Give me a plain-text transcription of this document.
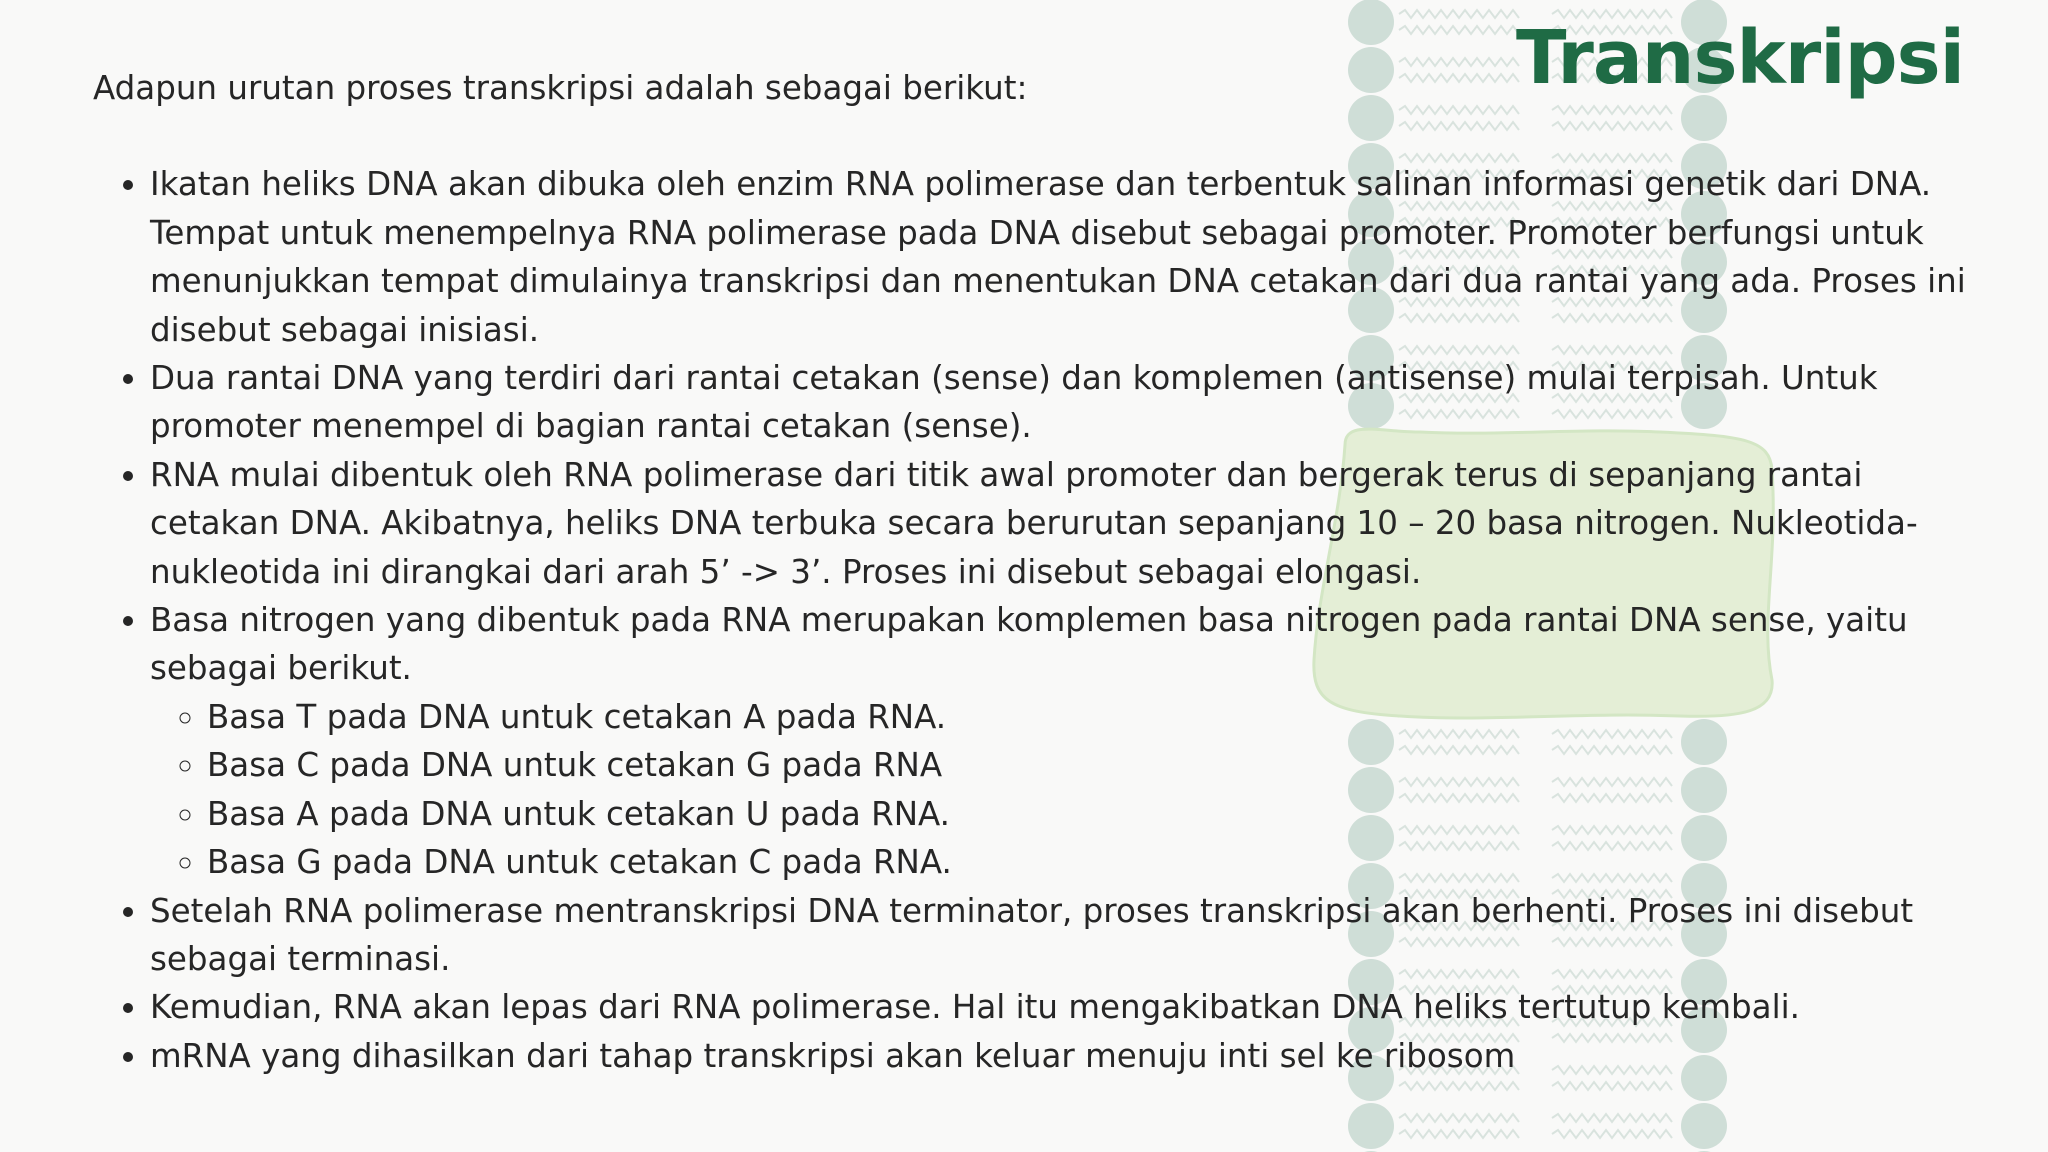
Transkripsi

Adapun urutan proses transkripsi adalah sebagai berikut:

• Ikatan heliks DNA akan dibuka oleh enzim RNA polimerase dan terbentuk salinan informasi genetik dari DNA. Tempat untuk menempelnya RNA polimerase pada DNA disebut sebagai promoter. Promoter berfungsi untuk menunjukkan tempat dimulainya transkripsi dan menentukan DNA cetakan dari dua rantai yang ada. Proses ini disebut sebagai inisiasi.
• Dua rantai DNA yang terdiri dari rantai cetakan (sense) dan komplemen (antisense) mulai terpisah. Untuk promoter menempel di bagian rantai cetakan (sense).
• RNA mulai dibentuk oleh RNA polimerase dari titik awal promoter dan bergerak terus di sepanjang rantai cetakan DNA. Akibatnya, heliks DNA terbuka secara berurutan sepanjang 10 – 20 basa nitrogen. Nukleotida-nukleotida ini dirangkai dari arah 5’ -> 3’. Proses ini disebut sebagai elongasi.
• Basa nitrogen yang dibentuk pada RNA merupakan komplemen basa nitrogen pada rantai DNA sense, yaitu sebagai berikut.
◦ Basa T pada DNA untuk cetakan A pada RNA.
◦ Basa C pada DNA untuk cetakan G pada RNA
◦ Basa A pada DNA untuk cetakan U pada RNA.
◦ Basa G pada DNA untuk cetakan C pada RNA.
• Setelah RNA polimerase mentranskripsi DNA terminator, proses transkripsi akan berhenti. Proses ini disebut sebagai terminasi.
• Kemudian, RNA akan lepas dari RNA polimerase. Hal itu mengakibatkan DNA heliks tertutup kembali.
• mRNA yang dihasilkan dari tahap transkripsi akan keluar menuju inti sel ke ribosom
